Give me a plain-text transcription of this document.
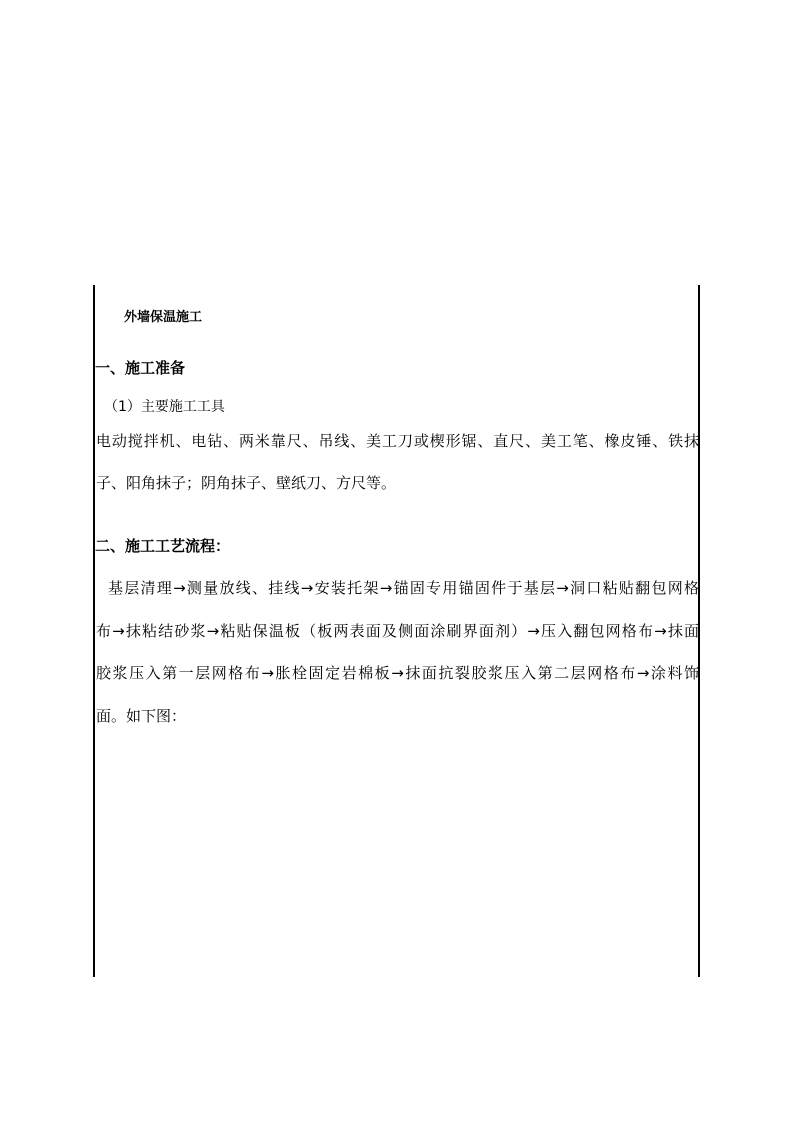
外墙保温施工
一、施工准备
（1）主要施工工具
电动搅拌机、电钻、两米靠尺、吊线、美工刀或楔形锯、直尺、美工笔、橡皮锤、铁抹
子、阳角抹子；阴角抹子、壁纸刀、方尺等。
二、施工工艺流程：
基层清理→测量放线、挂线→安装托架→锚固专用锚固件于基层→洞口粘贴翻包网格
布→抹粘结砂浆→粘贴保温板（板两表面及侧面涂刷界面剂）→压入翻包网格布→抹面
胶浆压入第一层网格布→胀栓固定岩棉板→抹面抗裂胶浆压入第二层网格布→涂料饰
面。如下图：
